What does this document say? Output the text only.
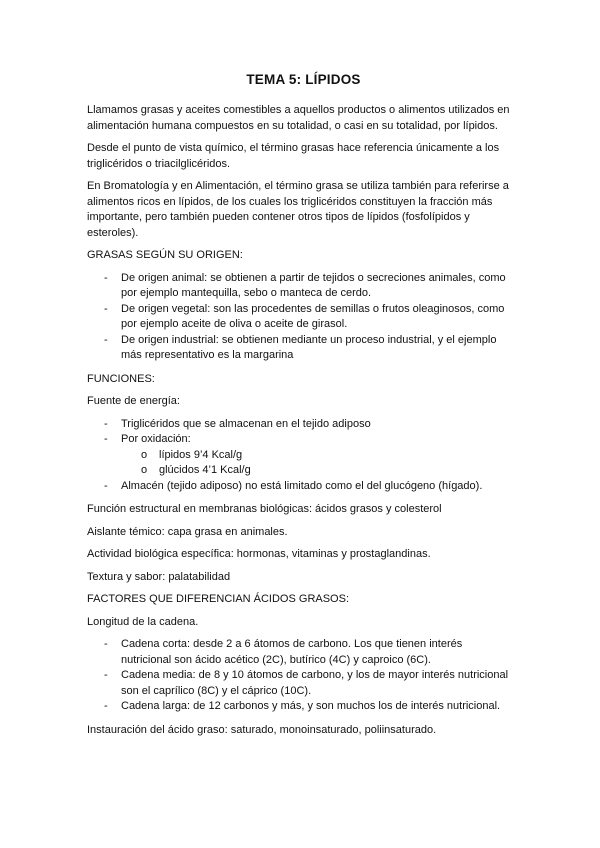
TEMA 5: LÍPIDOS

Llamamos grasas y aceites comestibles a aquellos productos o alimentos utilizados en alimentación humana compuestos en su totalidad, o casi en su totalidad, por lípidos.

Desde el punto de vista químico, el término grasas hace referencia únicamente a los triglicéridos o triacilglicéridos.

En Bromatología y en Alimentación, el término grasa se utiliza también para referirse a alimentos ricos en lípidos, de los cuales los triglicéridos constituyen la fracción más importante, pero también pueden contener otros tipos de lípidos (fosfolípidos y esteroles).

GRASAS SEGÚN SU ORIGEN:

- De origen animal: se obtienen a partir de tejidos o secreciones animales, como por ejemplo mantequilla, sebo o manteca de cerdo.
- De origen vegetal: son las procedentes de semillas o frutos oleaginosos, como por ejemplo aceite de oliva o aceite de girasol.
- De origen industrial: se obtienen mediante un proceso industrial, y el ejemplo más representativo es la margarina

FUNCIONES:

Fuente de energía:

- Triglicéridos que se almacenan en el tejido adiposo
- Por oxidación:
o lípidos 9’4 Kcal/g
o glúcidos 4’1 Kcal/g
- Almacén (tejido adiposo) no está limitado como el del glucógeno (hígado).

Función estructural en membranas biológicas: ácidos grasos y colesterol

Aislante témico: capa grasa en animales.

Actividad biológica específica: hormonas, vitaminas y prostaglandinas.

Textura y sabor: palatabilidad

FACTORES QUE DIFERENCIAN ÁCIDOS GRASOS:

Longitud de la cadena.

- Cadena corta: desde 2 a 6 átomos de carbono. Los que tienen interés nutricional son ácido acético (2C), butírico (4C) y caproico (6C).
- Cadena media: de 8 y 10 átomos de carbono, y los de mayor interés nutricional son el caprílico (8C) y el cáprico (10C).
- Cadena larga: de 12 carbonos y más, y son muchos los de interés nutricional.

Instauración del ácido graso: saturado, monoinsaturado, poliinsaturado.
